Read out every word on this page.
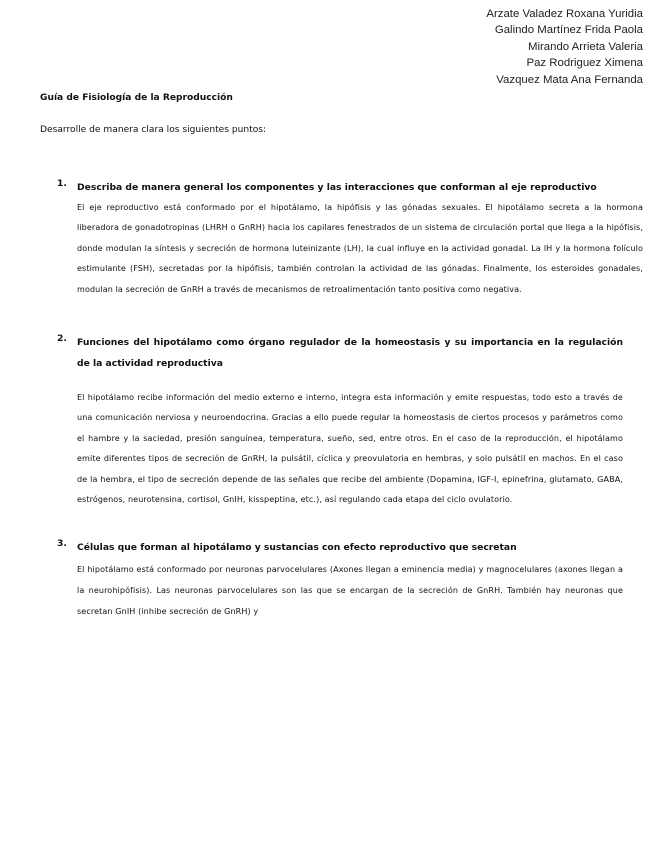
Arzate Valadez Roxana Yuridia
Galindo Martínez Frida Paola
Mirando Arrieta Valeria
Paz Rodriguez Ximena
Vazquez Mata Ana Fernanda
Guía de Fisiología de la Reproducción
Desarrolle de manera clara los siguientes puntos:
1. Describa de manera general los componentes y las interacciones que conforman al eje reproductivo
El eje reproductivo está conformado por el hipotálamo, la hipófisis y las gónadas sexuales. El hipotálamo secreta a la hormona liberadora de gonadotropinas (LHRH o GnRH) hacia los capilares fenestrados de un sistema de circulación portal que llega a la hipófisis, donde modulan la síntesis y secreción de hormona luteinizante (LH), la cual influye en la actividad gonadal. La lH y la hormona folículo estimulante (FSH), secretadas por la hipófisis, también controlan la actividad de las gónadas. Finalmente, los esteroides gonadales, modulan la secreción de GnRH a través de mecanismos de retroalimentación tanto positiva como negativa.
2. Funciones del hipotálamo como órgano regulador de la homeostasis y su importancia en la regulación de la actividad reproductiva
El hipotálamo recibe información del medio externo e interno, integra esta información y emite respuestas, todo esto a través de una comunicación nerviosa y neuroendocrina. Gracias a ello puede regular la homeostasis de ciertos procesos y parámetros como el hambre y la saciedad, presión sanguínea, temperatura, sueño, sed, entre otros. En el caso de la reproducción, el hipotálamo emite diferentes tipos de secreción de GnRH, la pulsátil, cíclica y preovulatoria en hembras, y solo pulsátil en machos. En el caso de la hembra, el tipo de secreción depende de las señales que recibe del ambiente (Dopamina, IGF-I, epinefrina, glutamato, GABA, estrógenos, neurotensina, cortisol, GnIH, kisspeptina, etc.), así regulando cada etapa del ciclo ovulatorio.
3. Células que forman al hipotálamo y sustancias con efecto reproductivo que secretan
El hipotálamo está conformado por neuronas parvocelulares (Axones llegan a eminencia media) y magnocelulares (axones llegan a la neurohipófisis). Las neuronas parvocelulares son las que se encargan de la secreción de GnRH. También hay neuronas que secretan GnIH (inhibe secreción de GnRH) y
